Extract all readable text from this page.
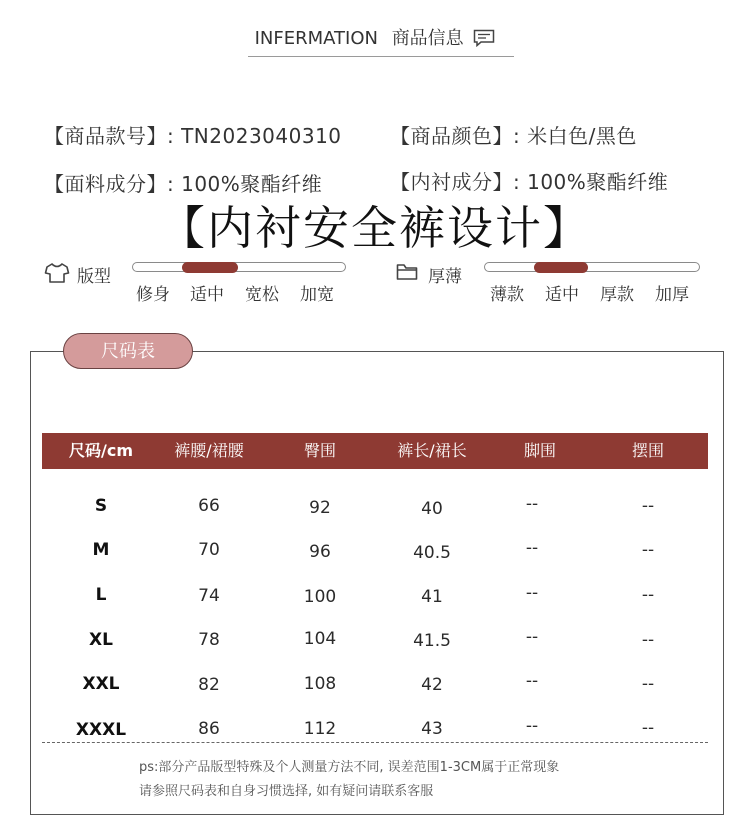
INFERMATION 商品信息
【商品款号】: TN2023040310 【商品颜色】: 米白色/黑色
【面料成分】: 100%聚酯纤维	【内衬成分】: 100%聚酯纤维
【内衬安全裤设计】
版型
修身 适中 宽松 加宽
厚薄
薄款 适中 厚款 加厚
尺码表
尺码/cm	裤腰/裙腰	臀围	裤长/裙长	脚围	摆围
S	66	92	40	--	--
M	70	96	40.5	--	--
L	74	100	41	--	--
XL	78	104	41.5	--	--
XXL	82	108	42	--	--
XXXL	86	112	43	--	--
ps:部分产品版型特殊及个人测量方法不同, 误差范围1-3CM属于正常现象
请参照尺码表和自身习惯选择, 如有疑问请联系客服
